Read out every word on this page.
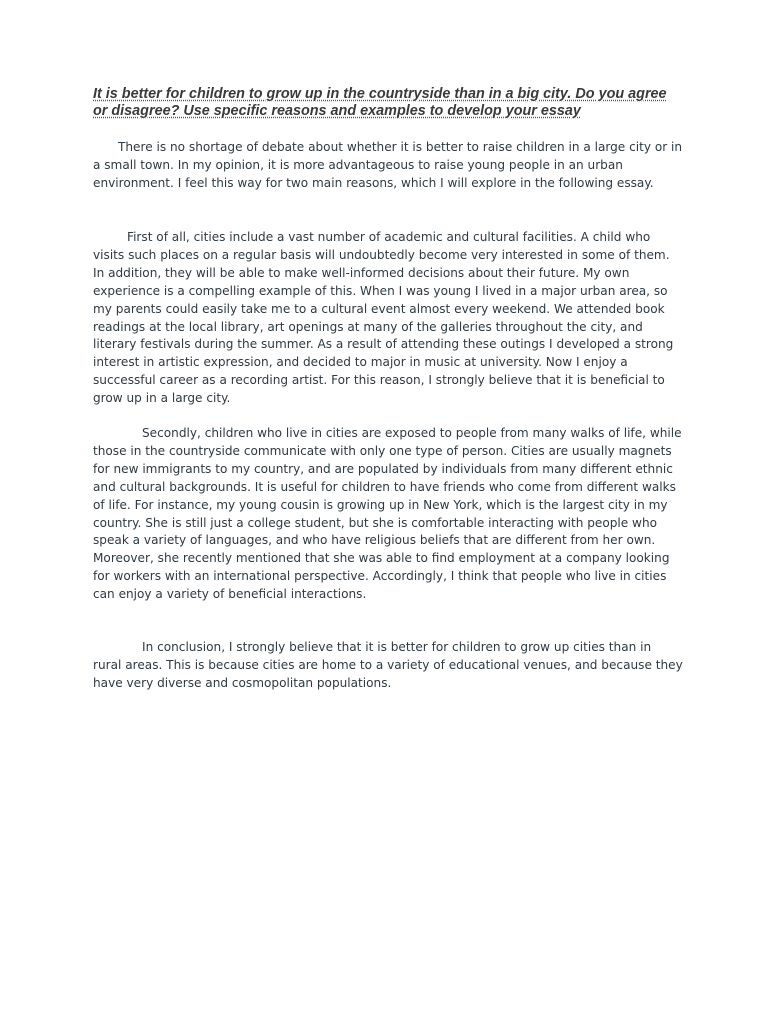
It is better for children to grow up in the countryside than in a big city. Do you agree or disagree? Use specific reasons and examples to develop your essay

There is no shortage of debate about whether it is better to raise children in a large city or in a small town. In my opinion, it is more advantageous to raise young people in an urban environment. I feel this way for two main reasons, which I will explore in the following essay.

First of all, cities include a vast number of academic and cultural facilities. A child who visits such places on a regular basis will undoubtedly become very interested in some of them. In addition, they will be able to make well-informed decisions about their future. My own experience is a compelling example of this. When I was young I lived in a major urban area, so my parents could easily take me to a cultural event almost every weekend. We attended book readings at the local library, art openings at many of the galleries throughout the city, and literary festivals during the summer. As a result of attending these outings I developed a strong interest in artistic expression, and decided to major in music at university. Now I enjoy a successful career as a recording artist. For this reason, I strongly believe that it is beneficial to grow up in a large city.

Secondly, children who live in cities are exposed to people from many walks of life, while those in the countryside communicate with only one type of person. Cities are usually magnets for new immigrants to my country, and are populated by individuals from many different ethnic and cultural backgrounds. It is useful for children to have friends who come from different walks of life. For instance, my young cousin is growing up in New York, which is the largest city in my country. She is still just a college student, but she is comfortable interacting with people who speak a variety of languages, and who have religious beliefs that are different from her own. Moreover, she recently mentioned that she was able to find employment at a company looking for workers with an international perspective. Accordingly, I think that people who live in cities can enjoy a variety of beneficial interactions.

In conclusion, I strongly believe that it is better for children to grow up cities than in rural areas. This is because cities are home to a variety of educational venues, and because they have very diverse and cosmopolitan populations.
